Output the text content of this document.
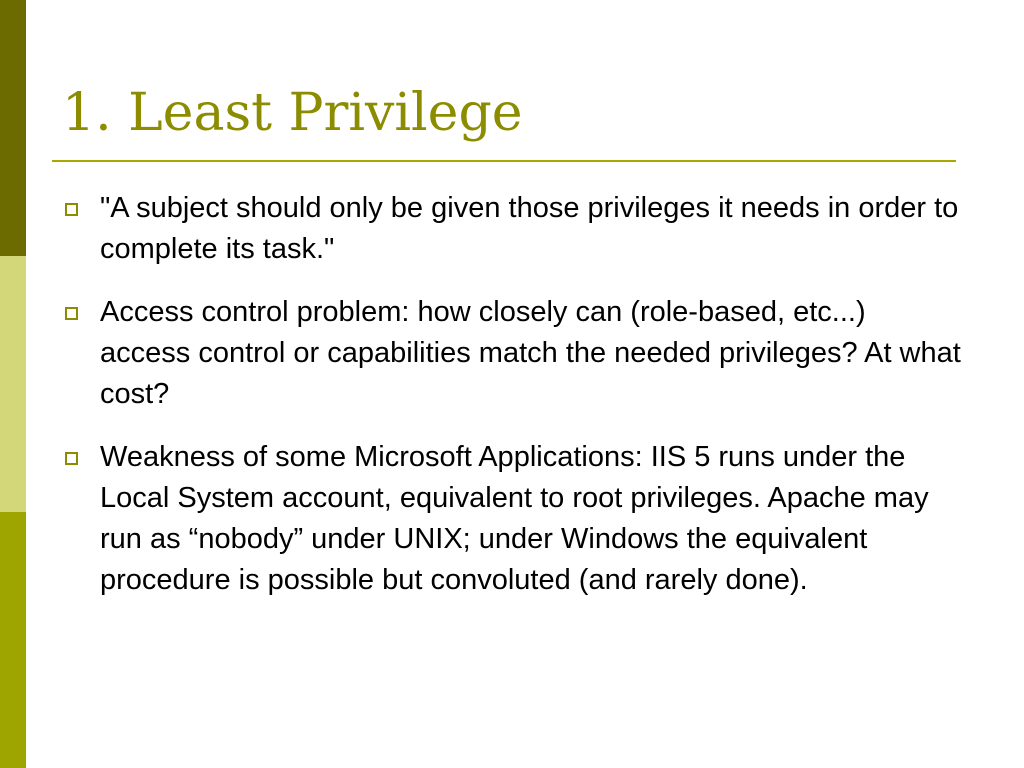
1. Least Privilege
"A subject should only be given those privileges it needs in order to complete its task."
Access control problem: how closely can (role-based, etc...) access control or capabilities match the needed privileges? At what cost?
Weakness of some Microsoft Applications: IIS 5 runs under the Local System account, equivalent to root privileges. Apache may run as “nobody” under UNIX; under Windows the equivalent procedure is possible but convoluted (and rarely done).
